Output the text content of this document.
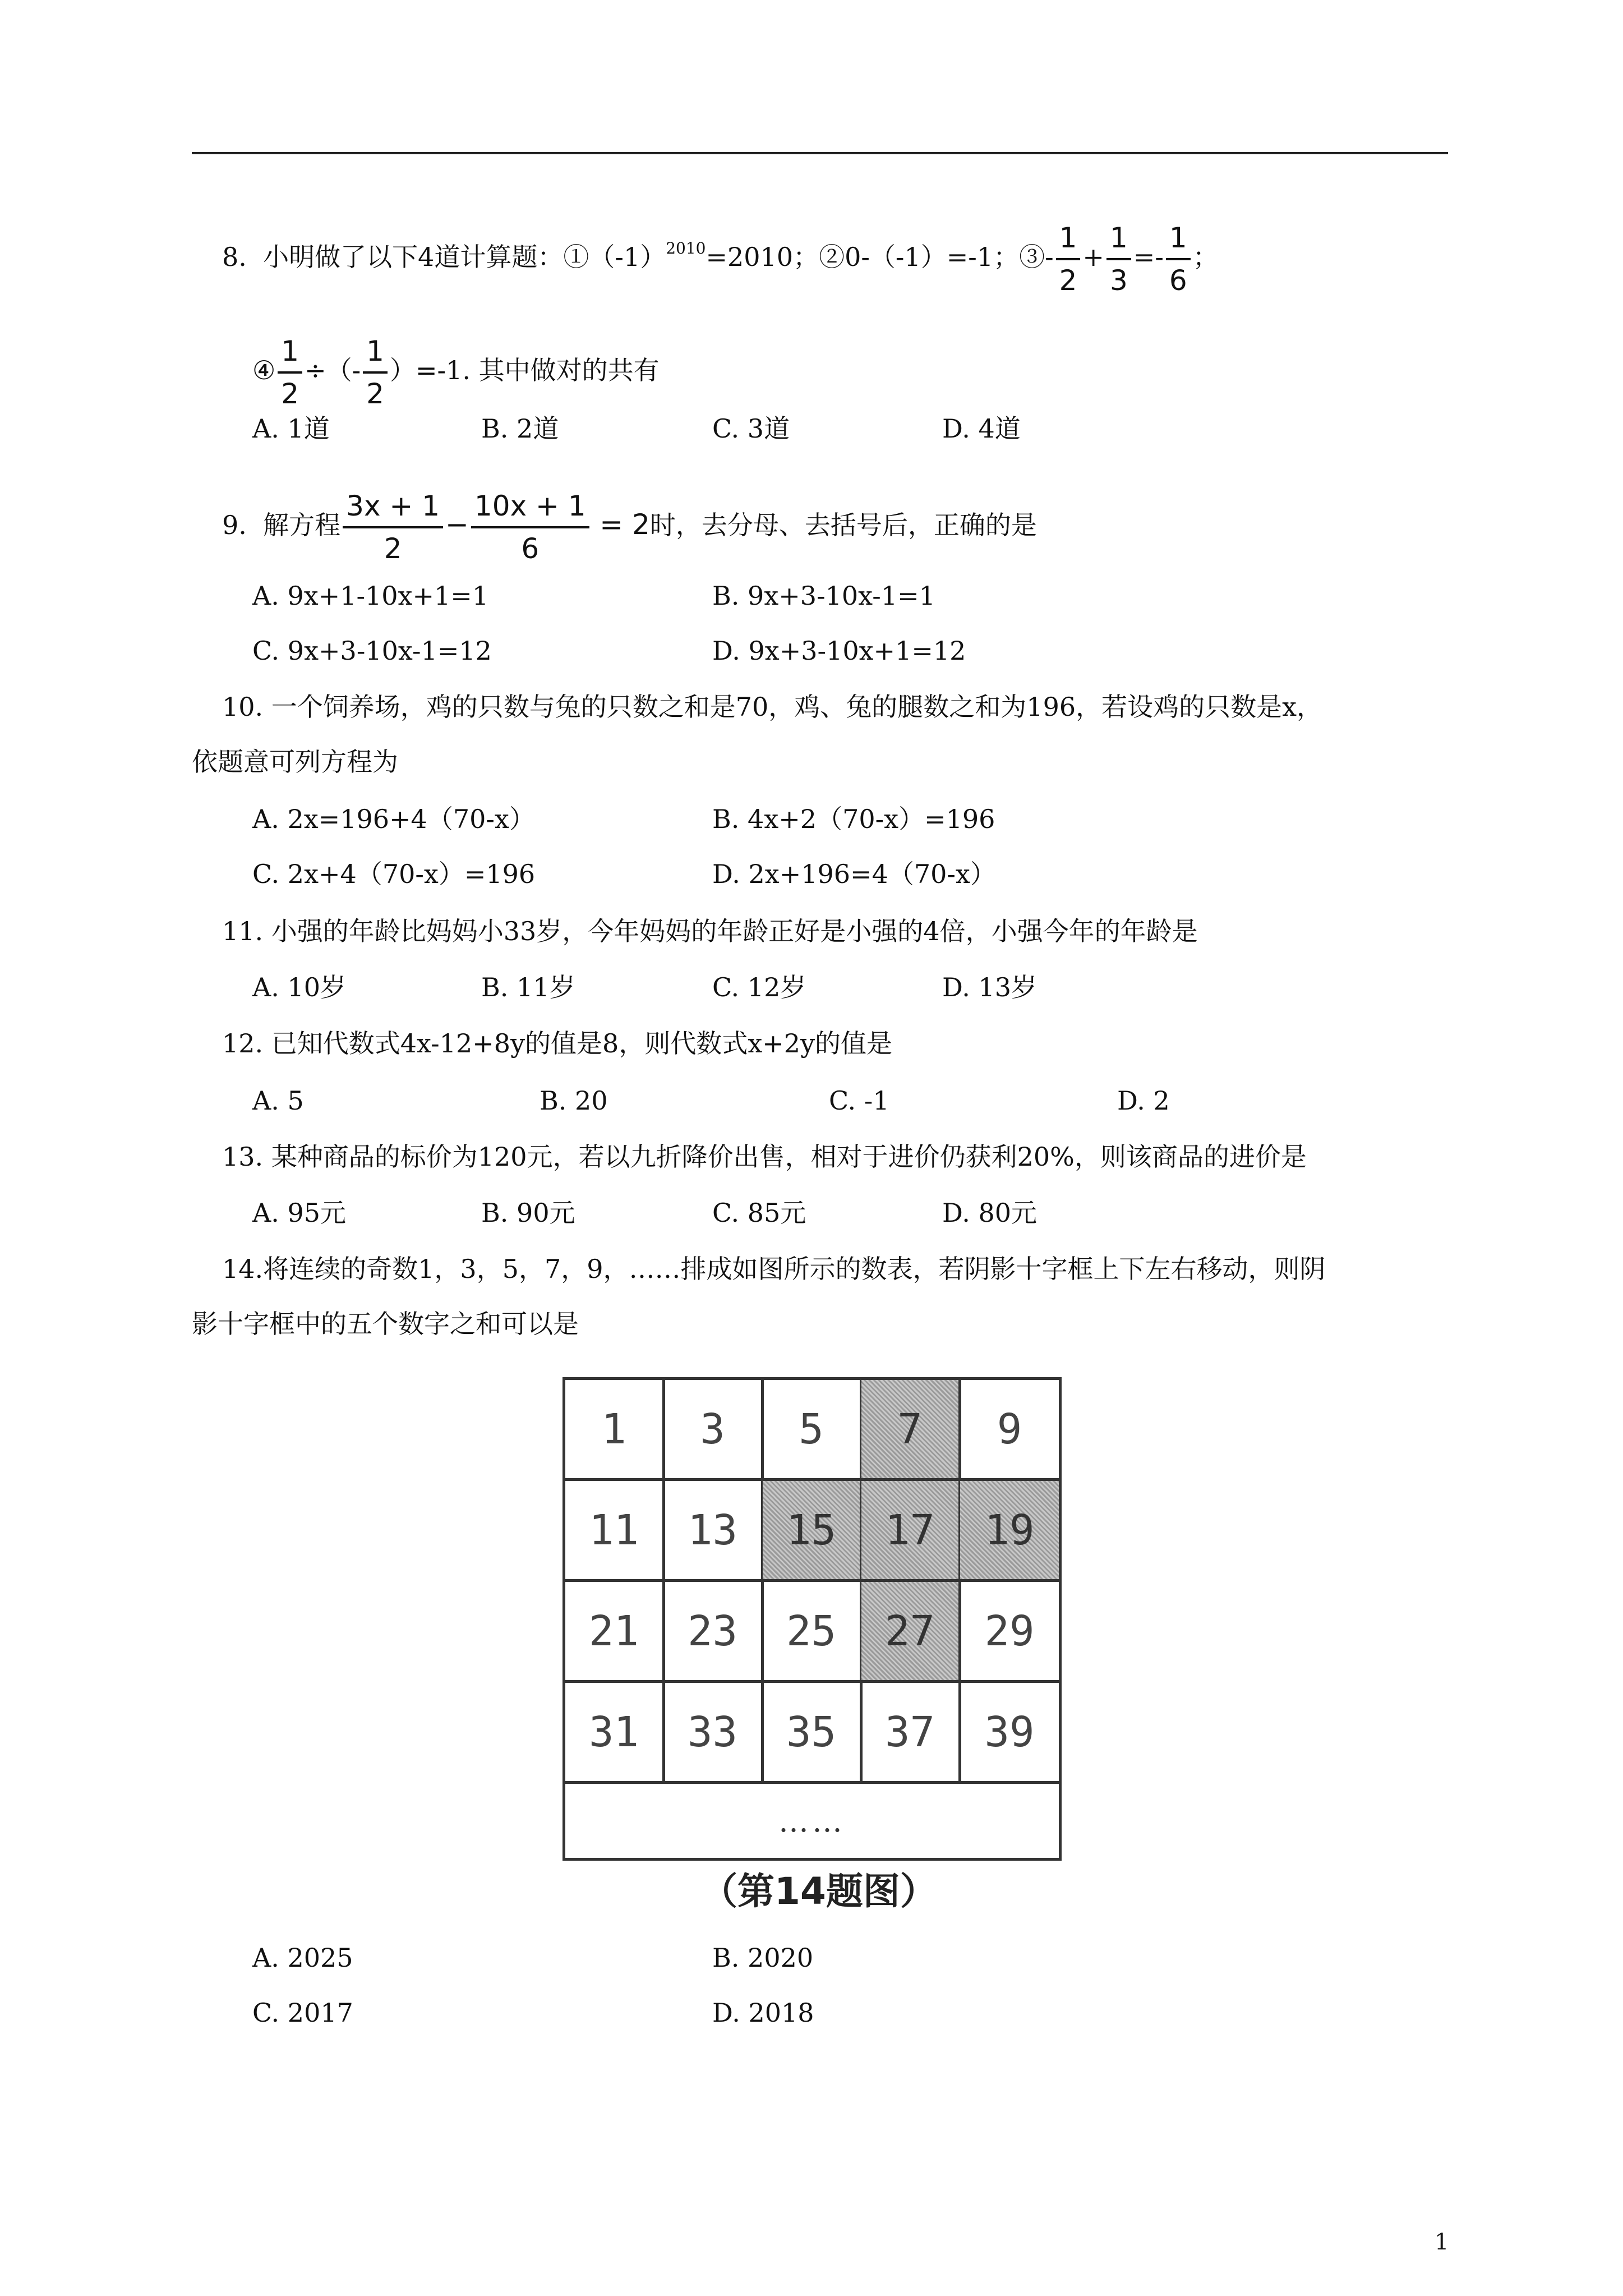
8. 小明做了以下4道计算题：$①(-1)^{2010}=2010$；②0-（-1）=-1；③- $\frac{1}{2} + \frac{1}{3} =- \frac{1}{6}$ ；
④ $\frac{1}{2}$ ÷（- $\frac{1}{2} )=-1$. 其中做对的共有
A. 1道	B. 2道	C. 3道	D. 4道
9. 解方程 $\frac{3x + 1}{2} - \frac{10x + 1}{6} = 2$时，去分母、去括号后，正确的是
A. 9x+1-10x+1=1	B. 9x+3-10x-1=1
C. 9x+3-10x-1=12	D. 9x+3-10x+1=12
10. 一个饲养场，鸡的只数与兔的只数之和是70，鸡、兔的腿数之和为196，若设鸡的只数是x，
依题意可列方程为
A. 2x=196+4（70-x）	B. 4x+2（70-x）=196
C. 2x+4（70-x）=196	D. 2x+196=4（70-x）
11. 小强的年龄比妈妈小33岁，今年妈妈的年龄正好是小强的4倍，小强今年的年龄是
A. 10岁	B. 11岁	C. 12岁	D. 13岁
12. 已知代数式4x-12+8y的值是8，则代数式x+2y的值是
A. 5	B. 20	C. -1	D. 2
13. 某种商品的标价为120元，若以九折降价出售，相对于进价仍获利20%，则该商品的进价是
A. 95元	B. 90元	C. 85元	D. 80元
14.将连续的奇数1，3，5，7，9，……排成如图所示的数表，若阴影十字框上下左右移动，则阴
影十字框中的五个数字之和可以是
1	3	5	7	9
11	13	15	17	19
21	23	25	27	29
31	33	35	37	39
……
（第14题图）
A. 2025	B. 2020
C. 2017	D. 2018
1
